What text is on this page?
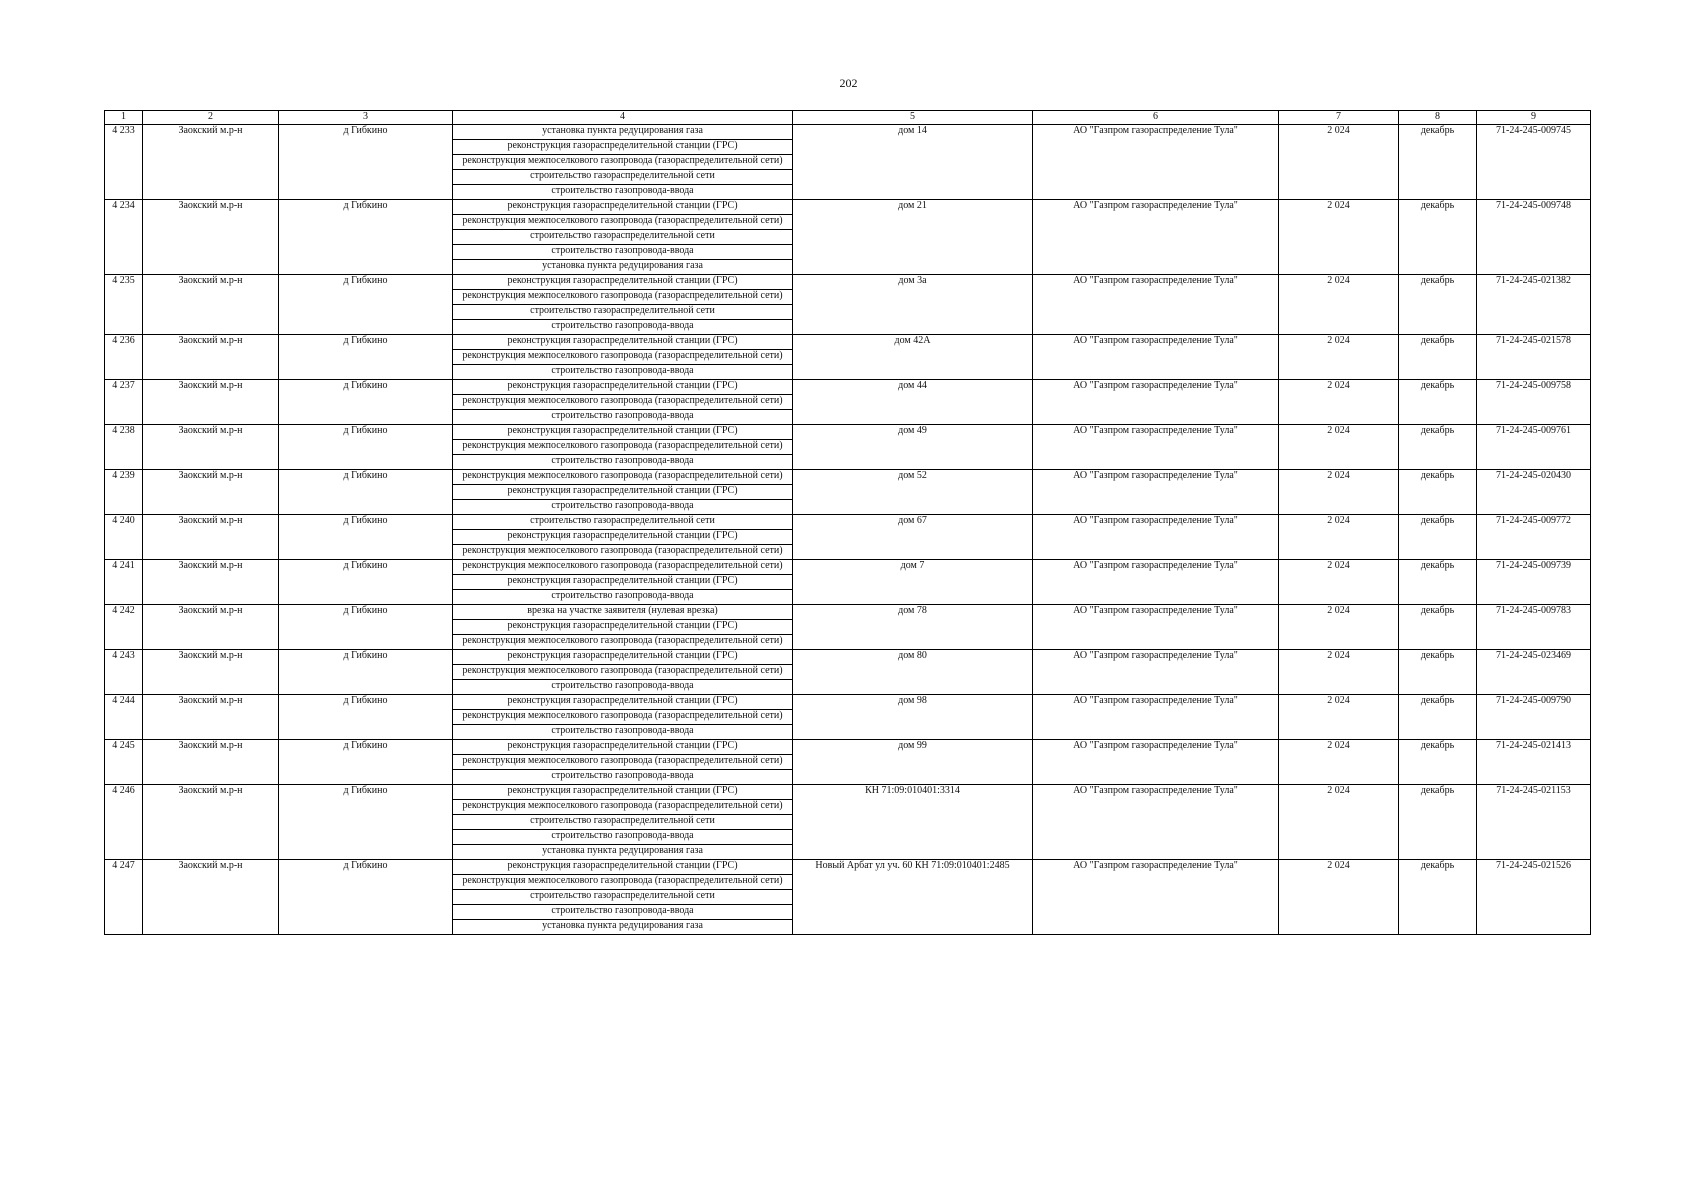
202
1	2	3	4	5	6	7	8	9
4 233	Заокский м.р-н	д Гибкино	установка пункта редуцирования газа
реконструкция газораспределительной станции (ГРС)
реконструкция межпоселкового газопровода (газораспределительной сети)
строительство газораспределительной сети
строительство газопровода-ввода	дом 14	АО "Газпром газораспределение Тула"	2 024	декабрь	71-24-245-009745
4 234	Заокский м.р-н	д Гибкино	реконструкция газораспределительной станции (ГРС)
реконструкция межпоселкового газопровода (газораспределительной сети)
строительство газораспределительной сети
строительство газопровода-ввода
установка пункта редуцирования газа	дом 21	АО "Газпром газораспределение Тула"	2 024	декабрь	71-24-245-009748
4 235	Заокский м.р-н	д Гибкино	реконструкция газораспределительной станции (ГРС)
реконструкция межпоселкового газопровода (газораспределительной сети)
строительство газораспределительной сети
строительство газопровода-ввода	дом 3а	АО "Газпром газораспределение Тула"	2 024	декабрь	71-24-245-021382
4 236	Заокский м.р-н	д Гибкино	реконструкция газораспределительной станции (ГРС)
реконструкция межпоселкового газопровода (газораспределительной сети)
строительство газопровода-ввода	дом 42А	АО "Газпром газораспределение Тула"	2 024	декабрь	71-24-245-021578
4 237	Заокский м.р-н	д Гибкино	реконструкция газораспределительной станции (ГРС)
реконструкция межпоселкового газопровода (газораспределительной сети)
строительство газопровода-ввода	дом 44	АО "Газпром газораспределение Тула"	2 024	декабрь	71-24-245-009758
4 238	Заокский м.р-н	д Гибкино	реконструкция газораспределительной станции (ГРС)
реконструкция межпоселкового газопровода (газораспределительной сети)
строительство газопровода-ввода	дом 49	АО "Газпром газораспределение Тула"	2 024	декабрь	71-24-245-009761
4 239	Заокский м.р-н	д Гибкино	реконструкция межпоселкового газопровода (газораспределительной сети)
реконструкция газораспределительной станции (ГРС)
строительство газопровода-ввода	дом 52	АО "Газпром газораспределение Тула"	2 024	декабрь	71-24-245-020430
4 240	Заокский м.р-н	д Гибкино	строительство газораспределительной сети
реконструкция газораспределительной станции (ГРС)
реконструкция межпоселкового газопровода (газораспределительной сети)	дом 67	АО "Газпром газораспределение Тула"	2 024	декабрь	71-24-245-009772
4 241	Заокский м.р-н	д Гибкино	реконструкция межпоселкового газопровода (газораспределительной сети)
реконструкция газораспределительной станции (ГРС)
строительство газопровода-ввода	дом 7	АО "Газпром газораспределение Тула"	2 024	декабрь	71-24-245-009739
4 242	Заокский м.р-н	д Гибкино	врезка на участке заявителя (нулевая врезка)
реконструкция газораспределительной станции (ГРС)
реконструкция межпоселкового газопровода (газораспределительной сети)	дом 78	АО "Газпром газораспределение Тула"	2 024	декабрь	71-24-245-009783
4 243	Заокский м.р-н	д Гибкино	реконструкция газораспределительной станции (ГРС)
реконструкция межпоселкового газопровода (газораспределительной сети)
строительство газопровода-ввода	дом 80	АО "Газпром газораспределение Тула"	2 024	декабрь	71-24-245-023469
4 244	Заокский м.р-н	д Гибкино	реконструкция газораспределительной станции (ГРС)
реконструкция межпоселкового газопровода (газораспределительной сети)
строительство газопровода-ввода	дом 98	АО "Газпром газораспределение Тула"	2 024	декабрь	71-24-245-009790
4 245	Заокский м.р-н	д Гибкино	реконструкция газораспределительной станции (ГРС)
реконструкция межпоселкового газопровода (газораспределительной сети)
строительство газопровода-ввода	дом 99	АО "Газпром газораспределение Тула"	2 024	декабрь	71-24-245-021413
4 246	Заокский м.р-н	д Гибкино	реконструкция газораспределительной станции (ГРС)
реконструкция межпоселкового газопровода (газораспределительной сети)
строительство газораспределительной сети
строительство газопровода-ввода
установка пункта редуцирования газа	КН 71:09:010401:3314	АО "Газпром газораспределение Тула"	2 024	декабрь	71-24-245-021153
4 247	Заокский м.р-н	д Гибкино	реконструкция газораспределительной станции (ГРС)
реконструкция межпоселкового газопровода (газораспределительной сети)
строительство газораспределительной сети
строительство газопровода-ввода
установка пункта редуцирования газа	Новый Арбат ул уч. 60 КН 71:09:010401:2485	АО "Газпром газораспределение Тула"	2 024	декабрь	71-24-245-021526
